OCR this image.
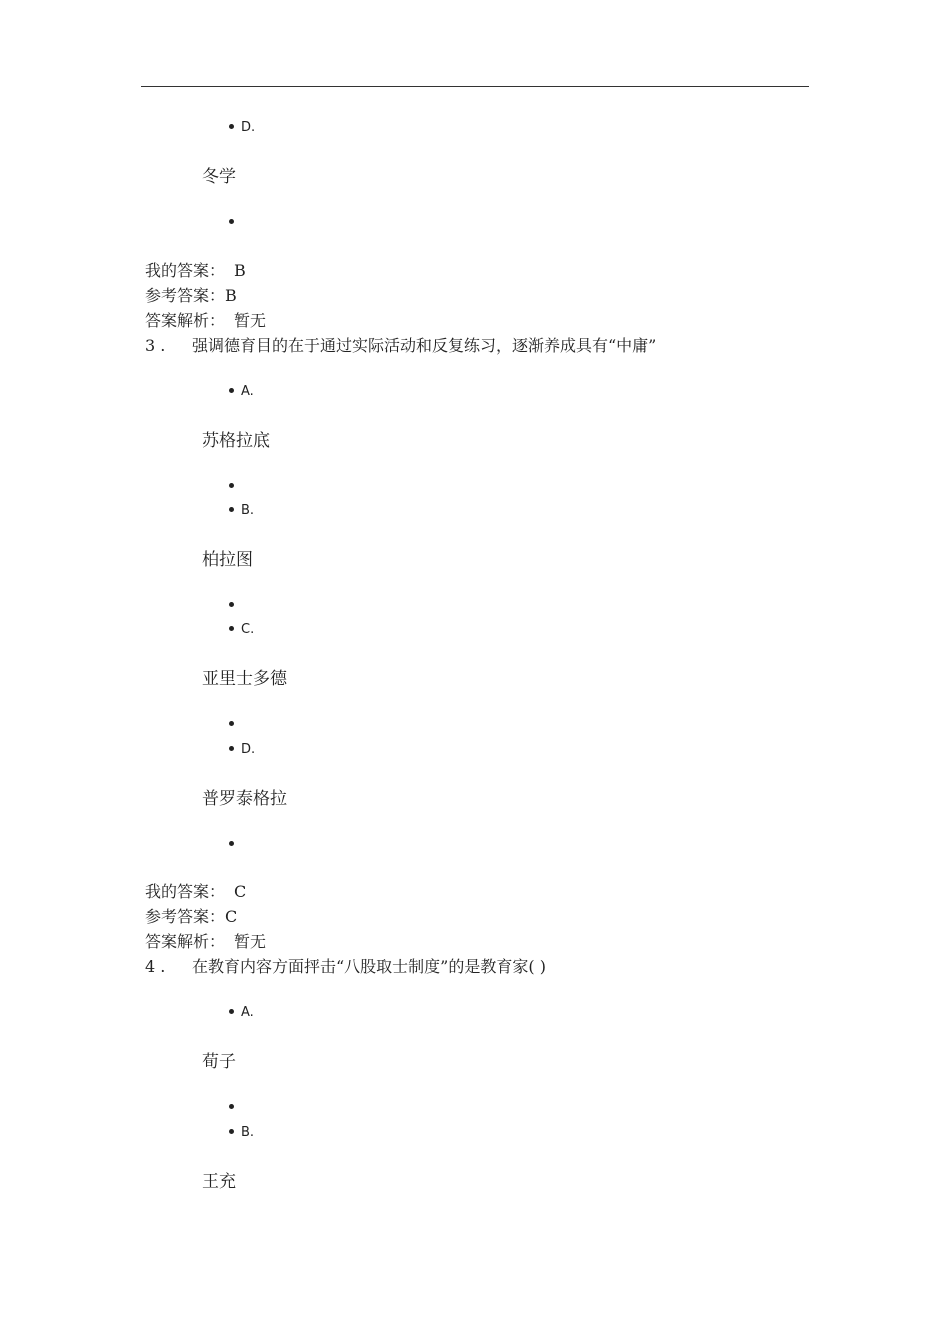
D.
冬学
我的答案： B
参考答案：B
答案解析： 暂无
3 . 强调德育目的在于通过实际活动和反复练习，逐渐养成具有“中庸”
A.
苏格拉底
B.
柏拉图
C.
亚里士多德
D.
普罗泰格拉
我的答案： C
参考答案：C
答案解析： 暂无
4 . 在教育内容方面抨击“八股取士制度”的是教育家( )
A.
荀子
B.
王充
